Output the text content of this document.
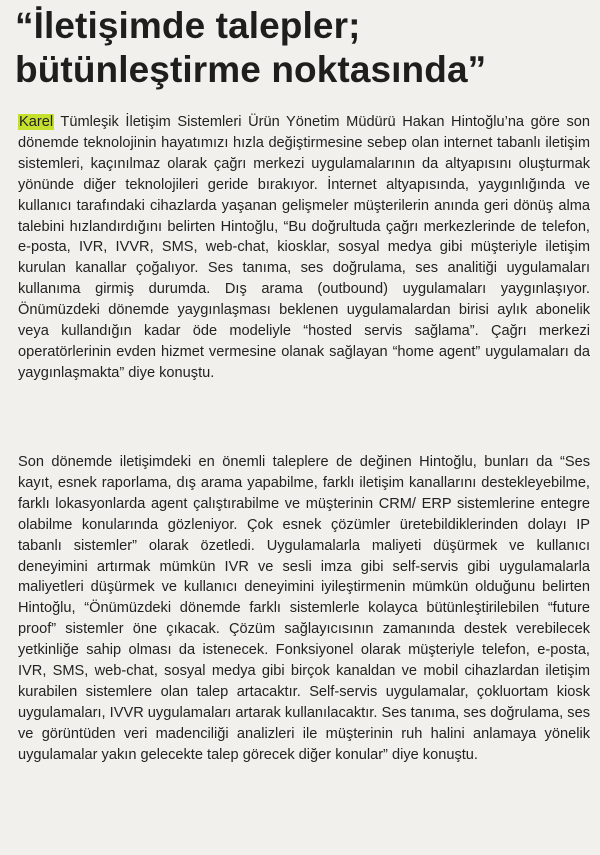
“İletişimde talepler;
bütünleştirme noktasında”

Karel Tümleşik İletişim Sistemleri Ürün Yönetim Müdürü Hakan Hintoğlu’na göre son dönemde teknolojinin hayatımızı hızla değiştirmesine sebep olan internet tabanlı iletişim sistemleri, kaçınılmaz olarak çağrı merkezi uygulamalarının da altyapısını oluşturmak yönünde diğer teknolojileri geride bırakıyor. İnternet altyapısında, yaygınlığında ve kullanıcı tarafındaki cihazlarda yaşanan gelişmeler müşterilerin anında geri dönüş alma talebini hızlandırdığını belirten Hintoğlu, “Bu doğrultuda çağrı merkezlerinde de telefon, e-posta, IVR, IVVR, SMS, web-chat, kiosklar, sosyal medya gibi müşteriyle iletişim kurulan kanallar çoğalıyor. Ses tanıma, ses doğrulama, ses analitiği uygulamaları kullanıma girmiş durumda. Dış arama (outbound) uygulamaları yaygınlaşıyor. Önümüzdeki dönemde yaygınlaşması beklenen uygulamalardan birisi aylık abonelik veya kullandığın kadar öde modeliyle “hosted servis sağlama”. Çağrı merkezi operatörlerinin evden hizmet vermesine olanak sağlayan “home agent” uygulamaları da yaygınlaşmakta” diye konuştu.

Son dönemde iletişimdeki en önemli taleplere de değinen Hintoğlu, bunları da “Ses kayıt, esnek raporlama, dış arama yapabilme, farklı iletişim kanallarını destekleyebilme, farklı lokasyonlarda agent çalıştırabilme ve müşterinin CRM/ ERP sistemlerine entegre olabilme konularında gözleniyor. Çok esnek çözümler üretebildiklerinden dolayı IP tabanlı sistemler” olarak özetledi. Uygulamalarla maliyeti düşürmek ve kullanıcı deneyimini artırmak mümkün IVR ve sesli imza gibi self-servis gibi uygulamalarla maliyetleri düşürmek ve kullanıcı deneyimini iyileştirmenin mümkün olduğunu belirten Hintoğlu, “Önümüzdeki dönemde farklı sistemlerle kolayca bütünleştirilebilen “future proof” sistemler öne çıkacak. Çözüm sağlayıcısının zamanında destek verebilecek yetkinliğe sahip olması da istenecek. Fonksiyonel olarak müşteriyle telefon, e-posta, IVR, SMS, web-chat, sosyal medya gibi birçok kanaldan ve mobil cihazlardan iletişim kurabilen sistemlere olan talep artacaktır. Self-servis uygulamalar, çokluortam kiosk uygulamaları, IVVR uygulamaları artarak kullanılacaktır. Ses tanıma, ses doğrulama, ses ve görüntüden veri madenciliği analizleri ile müşterinin ruh halini anlamaya yönelik uygulamalar yakın gelecekte talep görecek diğer konular” diye konuştu.
